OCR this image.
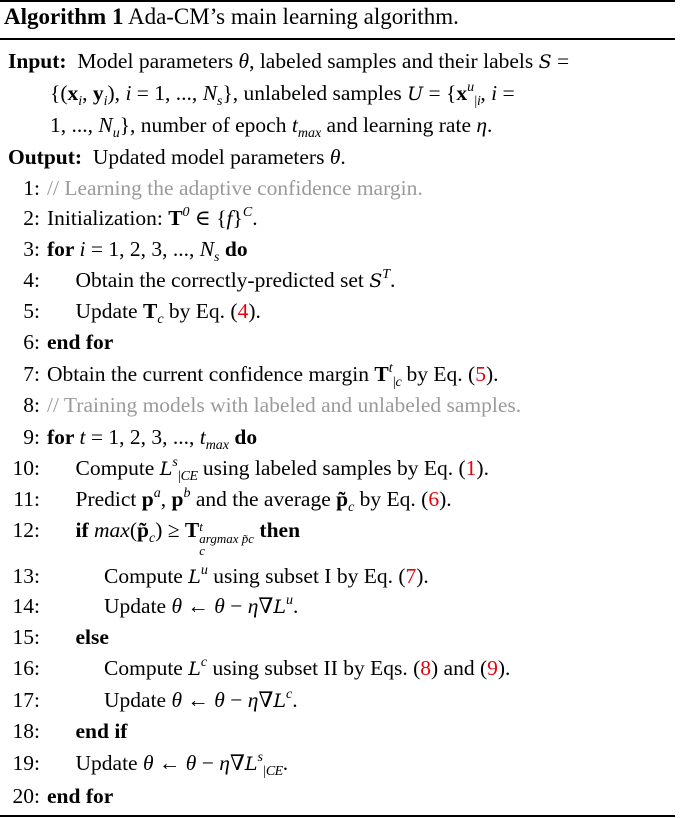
Algorithm 1 Ada-CM’s main learning algorithm.
Input:  Model parameters θ, labeled samples and their labels S =
{($x_i$, $y_i$), i = 1, ..., $N_s$}, unlabeled samples U = {xu|i, i =
1, ..., $N_u$}, number of epoch $t_{max}$ and learning rate η.
Output:  Updated model parameters θ.
1: // Learning the adaptive confidence margin.
2: Initialization: $T^0$ ∈ $\{f\}^C$.
3: for i = 1, 2, 3, ..., $N_s$ do
4: Obtain the correctly-predicted set $S^T$.
5: Update $T_c$ by Eq. (4).
6: end for
7: Obtain the current confidence margin Tt|c by Eq. (5).
8: // Training models with labeled and unlabeled samples.
9: for t = 1, 2, 3, ..., $t_{max}$ do
10: Compute Ls|CE using labeled samples by Eq. (1).
11: Predict $p^a$, $p^b$ and the average $p̃_c$ by Eq. (6).
12: if $\max(p̃_c) \ge T$ t
argmax p̃c
c
then
13:	Compute $L^u$ using subset I by Eq. (7).
14:	Update θ ← $\theta - \eta\nabla L^u$.
15: else
16:	Compute $L^c$ using subset II by Eqs. (8) and (9).
17:	Update θ ← $\theta - \eta\nabla L^c$.
18: end if
19: Update θ ← θ − η∇Ls|CE.
20: end for
